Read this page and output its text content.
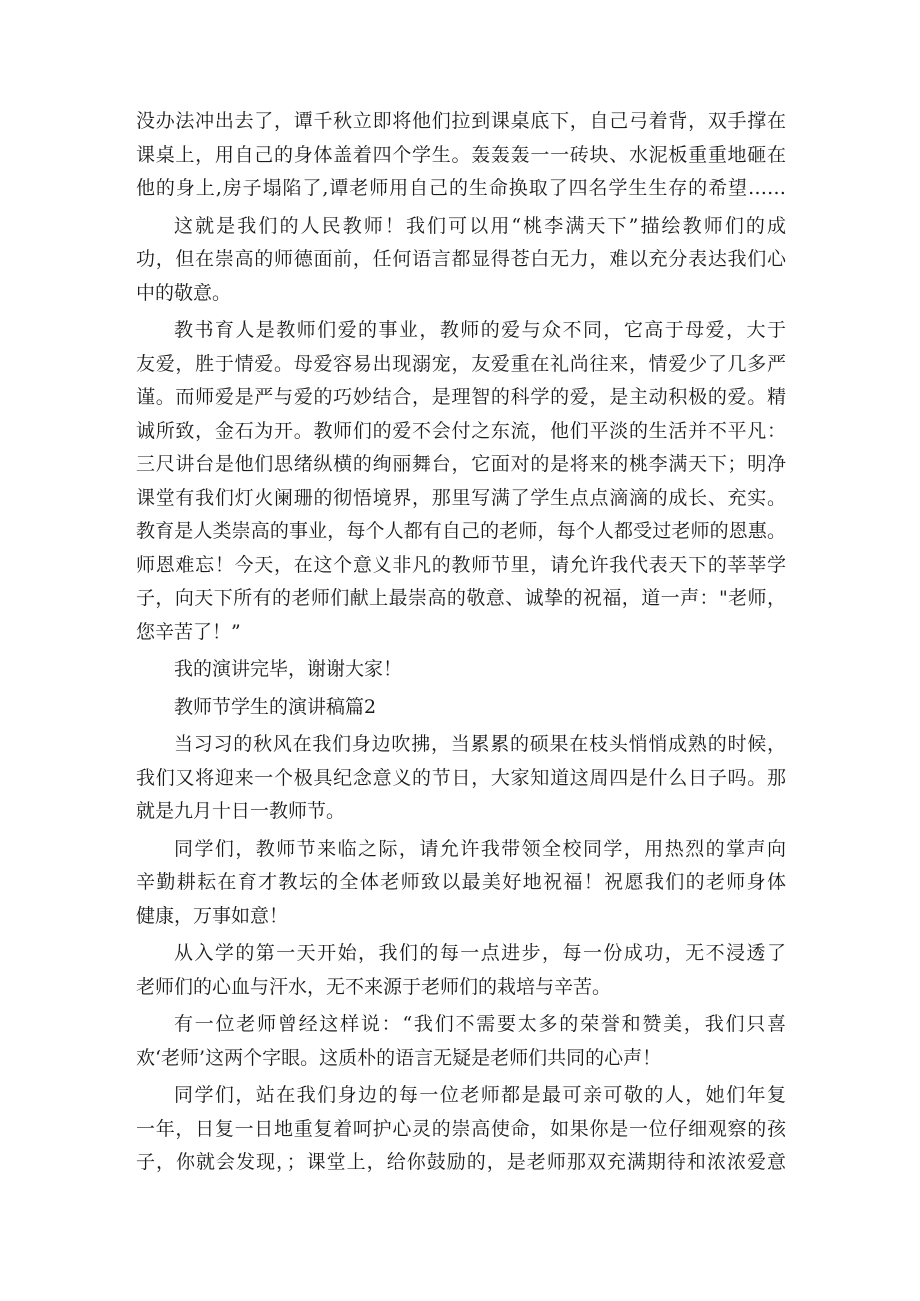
没办法冲出去了，谭千秋立即将他们拉到课桌底下，自己弓着背，双手撑在
课桌上，用自己的身体盖着四个学生。轰轰轰一一砖块、水泥板重重地砸在
他的身上,房子塌陷了,谭老师用自己的生命换取了四名学生生存的希望……
这就是我们的人民教师！我们可以用“桃李满天下”描绘教师们的成
功，但在崇高的师德面前，任何语言都显得苍白无力，难以充分表达我们心
中的敬意。
教书育人是教师们爱的事业，教师的爱与众不同，它高于母爱，大于
友爱，胜于情爱。母爱容易出现溺宠，友爱重在礼尚往来，情爱少了几多严
谨。而师爱是严与爱的巧妙结合，是理智的科学的爱，是主动积极的爱。精
诚所致，金石为开。教师们的爱不会付之东流，他们平淡的生活并不平凡：
三尺讲台是他们思绪纵横的绚丽舞台，它面对的是将来的桃李满天下；明净
课堂有我们灯火阑珊的彻悟境界，那里写满了学生点点滴滴的成长、充实。
教育是人类崇高的事业，每个人都有自己的老师，每个人都受过老师的恩惠。
师恩难忘！今天，在这个意义非凡的教师节里，请允许我代表天下的莘莘学
子，向天下所有的老师们献上最崇高的敬意、诚挚的祝福，道一声："老师，
您辛苦了！”
我的演讲完毕，谢谢大家！
教师节学生的演讲稿篇2
当习习的秋风在我们身边吹拂，当累累的硕果在枝头悄悄成熟的时候，
我们又将迎来一个极具纪念意义的节日，大家知道这周四是什么日子吗。那
就是九月十日一教师节。
同学们，教师节来临之际，请允许我带领全校同学，用热烈的掌声向
辛勤耕耘在育才教坛的全体老师致以最美好地祝福！祝愿我们的老师身体
健康，万事如意！
从入学的第一天开始，我们的每一点进步，每一份成功，无不浸透了
老师们的心血与汗水，无不来源于老师们的栽培与辛苦。
有一位老师曾经这样说：“我们不需要太多的荣誉和赞美，我们只喜
欢‘老师’这两个字眼。这质朴的语言无疑是老师们共同的心声！
同学们，站在我们身边的每一位老师都是最可亲可敬的人，她们年复
一年，日复一日地重复着呵护心灵的崇高使命，如果你是一位仔细观察的孩
子，你就会发现，；课堂上，给你鼓励的，是老师那双充满期待和浓浓爱意
